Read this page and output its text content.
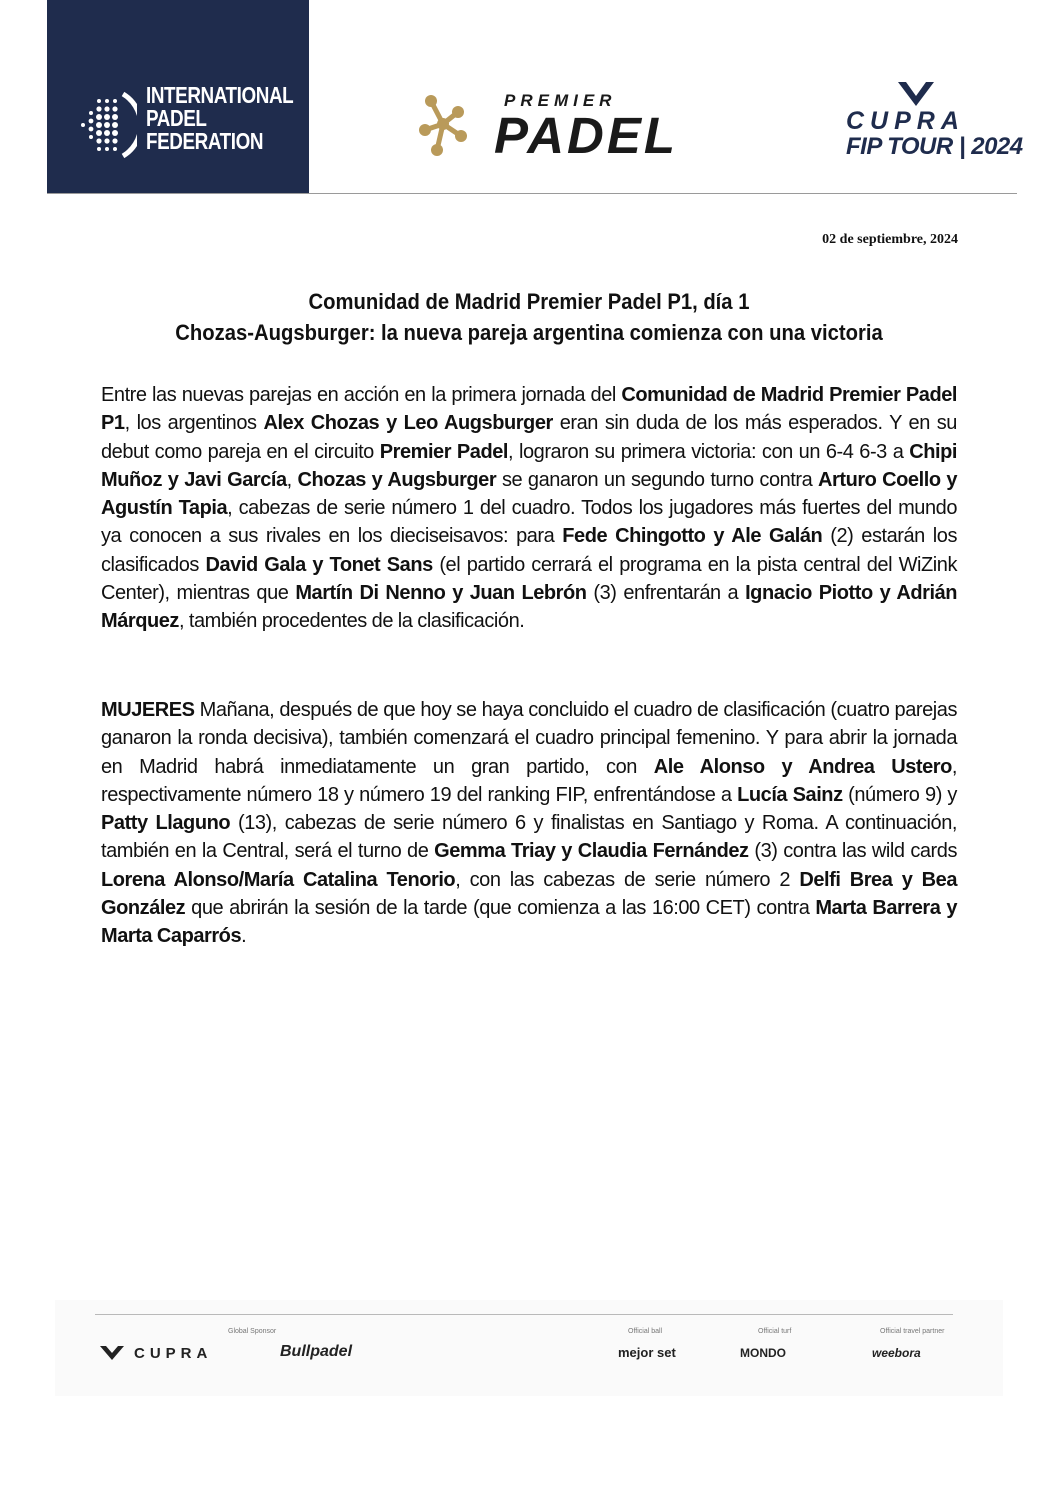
INTERNATIONAL
PADEL
FEDERATION
PREMIER
PADEL	CUPRA
FIP TOUR | 2024
02 de septiembre, 2024
Comunidad de Madrid Premier Padel P1, día 1
Chozas-Augsburger: la nueva pareja argentina comienza con una victoria
Entre las nuevas parejas en acción en la primera jornada del Comunidad de Madrid Premier Padel P1, los argentinos Alex Chozas y Leo Augsburger eran sin duda de los más esperados. Y en su debut como pareja en el circuito Premier Padel, lograron su primera victoria: con un 6-4 6-3 a Chipi Muñoz y Javi García, Chozas y Augsburger se ganaron un segundo turno contra Arturo Coello y Agustín Tapia, cabezas de serie número 1 del cuadro. Todos los jugadores más fuertes del mundo ya conocen a sus rivales en los dieciseisavos: para Fede Chingotto y Ale Galán (2) estarán los clasificados David Gala y Tonet Sans (el partido cerrará el programa en la pista central del WiZink Center), mientras que Martín Di Nenno y Juan Lebrón (3) enfrentarán a Ignacio Piotto y Adrián Márquez, también procedentes de la clasificación.
MUJERES Mañana, después de que hoy se haya concluido el cuadro de clasificación (cuatro parejas ganaron la ronda decisiva), también comenzará el cuadro principal femenino. Y para abrir la jornada en Madrid habrá inmediatamente un gran partido, con Ale Alonso y Andrea Ustero, respectivamente número 18 y número 19 del ranking FIP, enfrentándose a Lucía Sainz (número 9) y Patty Llaguno (13), cabezas de serie número 6 y finalistas en Santiago y Roma. A continuación, también en la Central, será el turno de Gemma Triay y Claudia Fernández (3) contra las wild cards Lorena Alonso/María Catalina Tenorio, con las cabezas de serie número 2 Delfi Brea y Bea González que abrirán la sesión de la tarde (que comienza a las 16:00 CET) contra Marta Barrera y Marta Caparrós.
Global Sponsor	Official ball	Official turf	Official travel partner
CUPRA	Bullpadel	mejor set	MONDO	weebora
